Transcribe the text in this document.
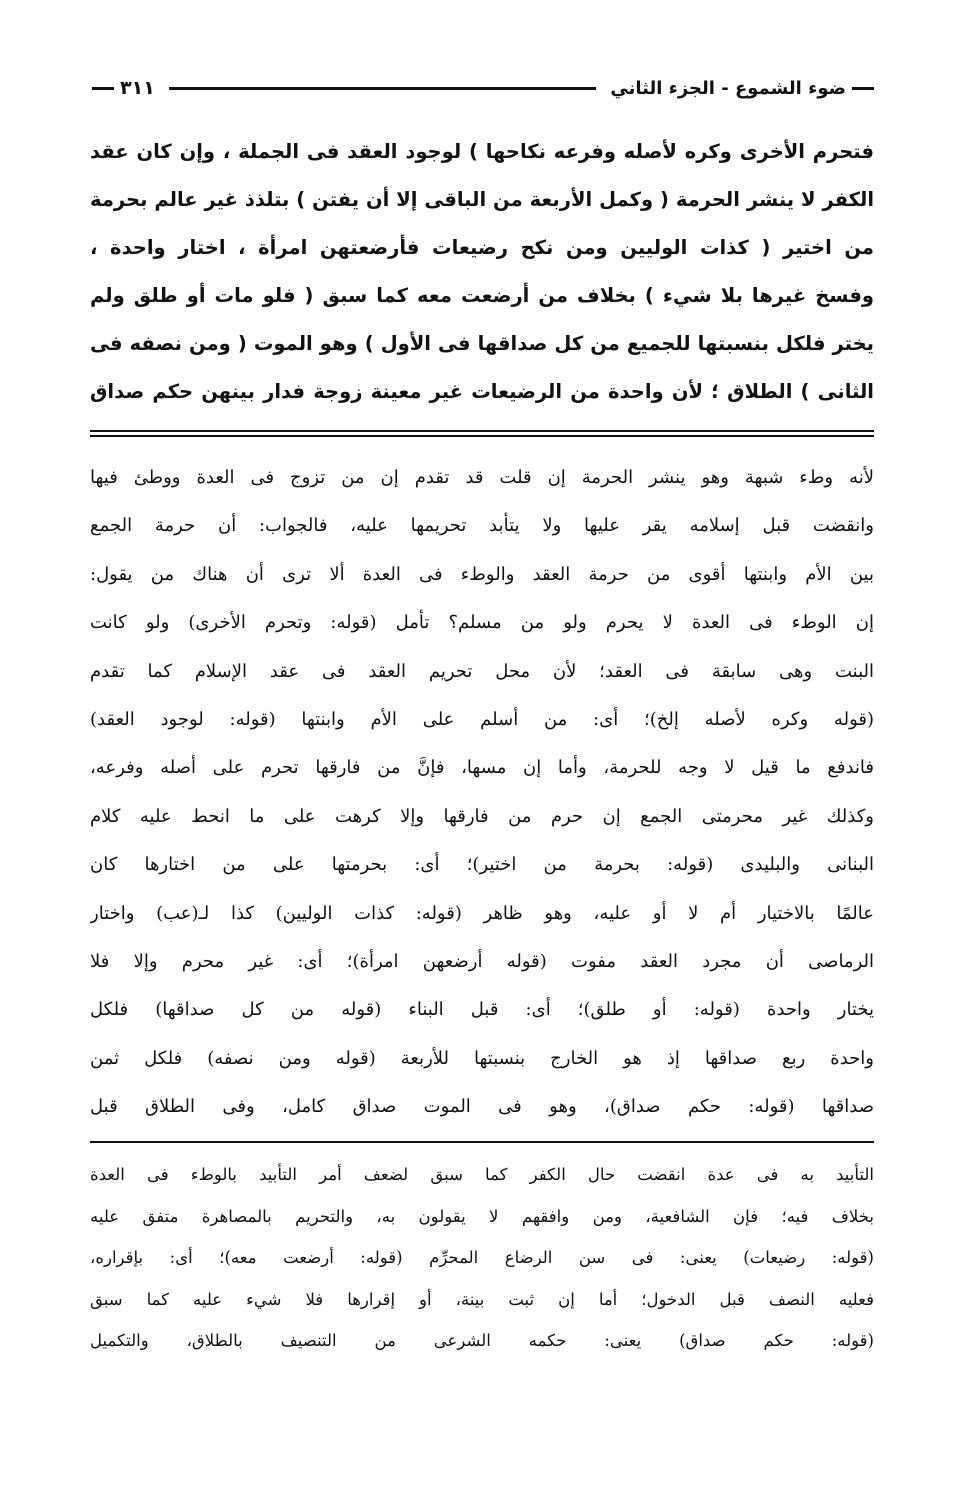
ضوء الشموع - الجزء الثاني
٣١١
فتحرم الأخرى وكره لأصله وفرعه نكاحها ) لوجود العقد فى الجملة ، وإن كان عقد
الكفر لا ينشر الحرمة ( وكمل الأربعة من الباقى إلا أن يفتن ) بتلذذ غير عالم بحرمة
من اختير ( كذات الوليين ومن نكح رضيعات فأرضعتهن امرأة ، اختار واحدة ،
وفسخ غيرها بلا شيء ) بخلاف من أرضعت معه كما سبق ( فلو مات أو طلق ولم
يختر فلكل بنسبتها للجميع من كل صداقها فى الأول ) وهو الموت ( ومن نصفه فى
الثانى ) الطلاق ؛ لأن واحدة من الرضيعات غير معينة زوجة فدار بينهن حكم صداق
لأنه وطء شبهة وهو ينشر الحرمة إن قلت قد تقدم إن من تزوج فى العدة ووطئ فيها
وانقضت قبل إسلامه يقر عليها ولا يتأبد تحريمها عليه، فالجواب: أن حرمة الجمع
بين الأم وابنتها أقوى من حرمة العقد والوطء فى العدة ألا ترى أن هناك من يقول:
إن الوطء فى العدة لا يحرم ولو من مسلم؟ تأمل (قوله: وتحرم الأخرى) ولو كانت
البنت وهى سابقة فى العقد؛ لأن محل تحريم العقد فى عقد الإسلام كما تقدم
(قوله وكره لأصله إلخ)؛ أى: من أسلم على الأم وابنتها (قوله: لوجود العقد)
فاندفع ما قيل لا وجه للحرمة، وأما إن مسها، فإنَّ من فارقها تحرم على أصله وفرعه،
وكذلك غير محرمتى الجمع إن حرم من فارقها وإلا كرهت على ما انحط عليه كلام
البنانى والبليدى (قوله: بحرمة من اختير)؛ أى: بحرمتها على من اختارها كان
عالمًا بالاختيار أم لا أو عليه، وهو ظاهر (قوله: كذات الوليين) كذا لـ(عب) واختار
الرماصى أن مجرد العقد مفوت (قوله أرضعهن امرأة)؛ أى: غير محرم وإلا فلا
يختار واحدة (قوله: أو طلق)؛ أى: قبل البناء (قوله من كل صداقها) فلكل
واحدة ربع صداقها إذ هو الخارج بنسبتها للأربعة (قوله ومن نصفه) فلكل ثمن
صداقها (قوله: حكم صداق)، وهو فى الموت صداق كامل، وفى الطلاق قبل
التأبيد به فى عدة انقضت حال الكفر كما سبق لضعف أمر التأبيد بالوطء فى العدة
بخلاف فيه؛ فإن الشافعية، ومن وافقهم لا يقولون به، والتحريم بالمصاهرة متفق عليه
(قوله: رضيعات) يعنى: فى سن الرضاع المحرِّم (قوله: أرضعت معه)؛ أى: بإقراره،
فعليه النصف قبل الدخول؛ أما إن ثبت بينة، أو إقرارها فلا شيء عليه كما سبق
(قوله: حكم صداق) يعنى: حكمه الشرعى من التنصيف بالطلاق، والتكميل
